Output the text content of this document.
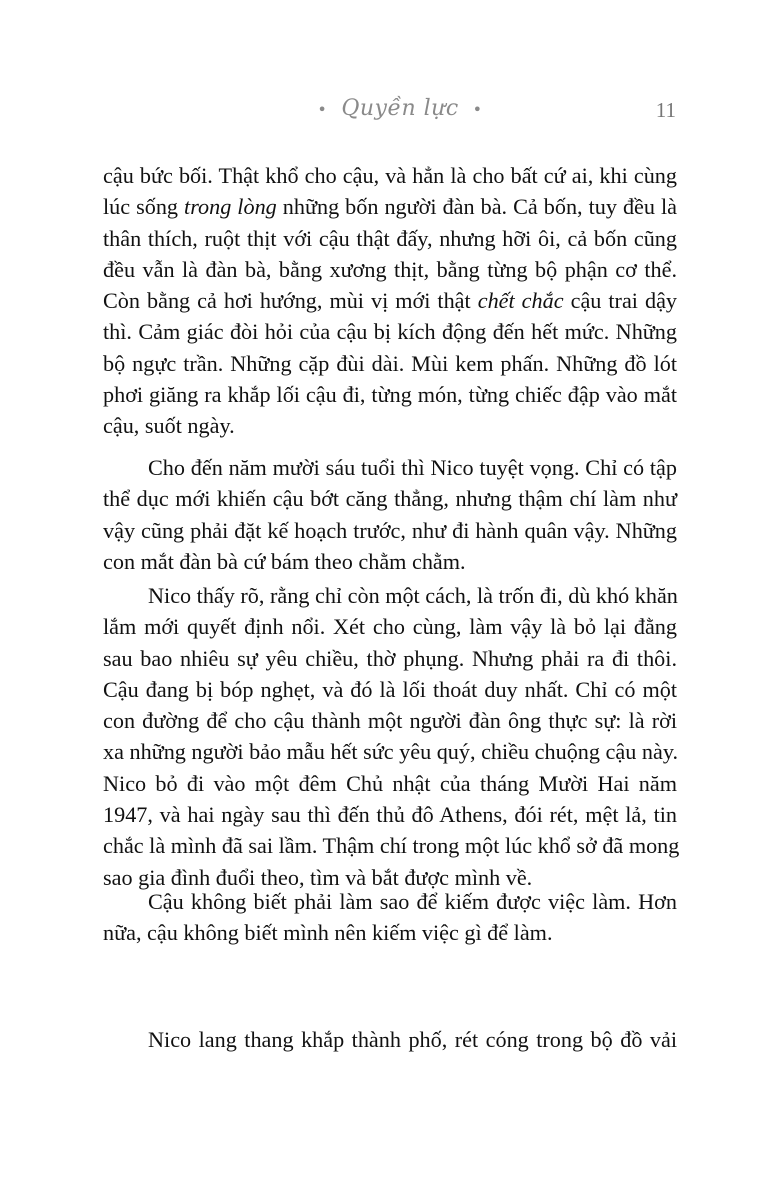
• Quyền lực •	11
cậu bức bối. Thật khổ cho cậu, và hẳn là cho bất cứ ai, khi cùng
lúc sống trong lòng những bốn người đàn bà. Cả bốn, tuy đều là
thân thích, ruột thịt với cậu thật đấy, nhưng hỡi ôi, cả bốn cũng
đều vẫn là đàn bà, bằng xương thịt, bằng từng bộ phận cơ thể.
Còn bằng cả hơi hướng, mùi vị mới thật chết chắc cậu trai dậy
thì. Cảm giác đòi hỏi của cậu bị kích động đến hết mức. Những
bộ ngực trần. Những cặp đùi dài. Mùi kem phấn. Những đồ lót
phơi giăng ra khắp lối cậu đi, từng món, từng chiếc đập vào mắt
cậu, suốt ngày.
Cho đến năm mười sáu tuổi thì Nico tuyệt vọng. Chỉ có tập
thể dục mới khiến cậu bớt căng thẳng, nhưng thậm chí làm như
vậy cũng phải đặt kế hoạch trước, như đi hành quân vậy. Những
con mắt đàn bà cứ bám theo chằm chằm.
Nico thấy rõ, rằng chỉ còn một cách, là trốn đi, dù khó khăn
lắm mới quyết định nổi. Xét cho cùng, làm vậy là bỏ lại đằng
sau bao nhiêu sự yêu chiều, thờ phụng. Nhưng phải ra đi thôi.
Cậu đang bị bóp nghẹt, và đó là lối thoát duy nhất. Chỉ có một
con đường để cho cậu thành một người đàn ông thực sự: là rời
xa những người bảo mẫu hết sức yêu quý, chiều chuộng cậu này.
Nico bỏ đi vào một đêm Chủ nhật của tháng Mười Hai năm
1947, và hai ngày sau thì đến thủ đô Athens, đói rét, mệt lả, tin
chắc là mình đã sai lầm. Thậm chí trong một lúc khổ sở đã mong
sao gia đình đuổi theo, tìm và bắt được mình về.
Cậu không biết phải làm sao để kiếm được việc làm. Hơn
nữa, cậu không biết mình nên kiếm việc gì để làm.
Nico lang thang khắp thành phố, rét cóng trong bộ đồ vải
